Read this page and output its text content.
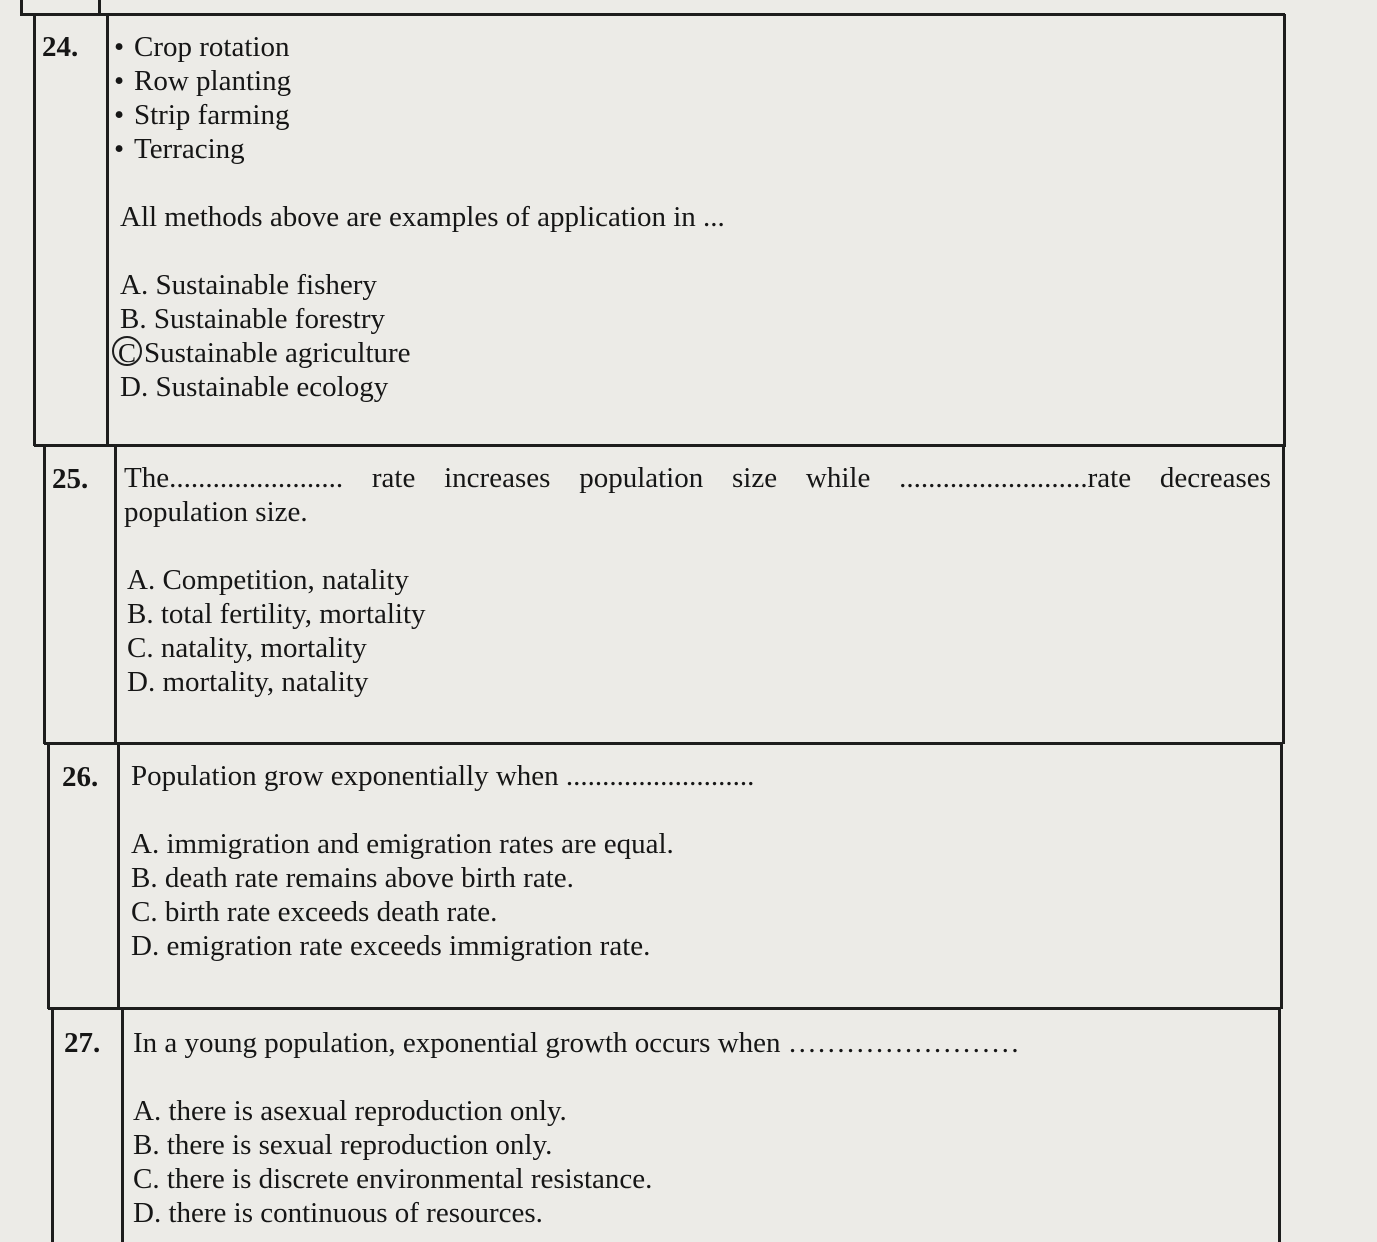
24.	• Crop rotation
• Row planting
• Strip farming
• Terracing
All methods above are examples of application in ...
A. Sustainable fishery
B. Sustainable forestry
C Sustainable agriculture
D. Sustainable ecology
25. The........................ rate increases population size while ..........................rate decreases
population size.
A. Competition, natality
B. total fertility, mortality
C. natality, mortality
D. mortality, natality
26. Population grow exponentially when ..........................
A. immigration and emigration rates are equal.
B. death rate remains above birth rate.
C. birth rate exceeds death rate.
D. emigration rate exceeds immigration rate.
27. In a young population, exponential growth occurs when ……………………
A. there is asexual reproduction only.
B. there is sexual reproduction only.
C. there is discrete environmental resistance.
D. there is continuous of resources.
